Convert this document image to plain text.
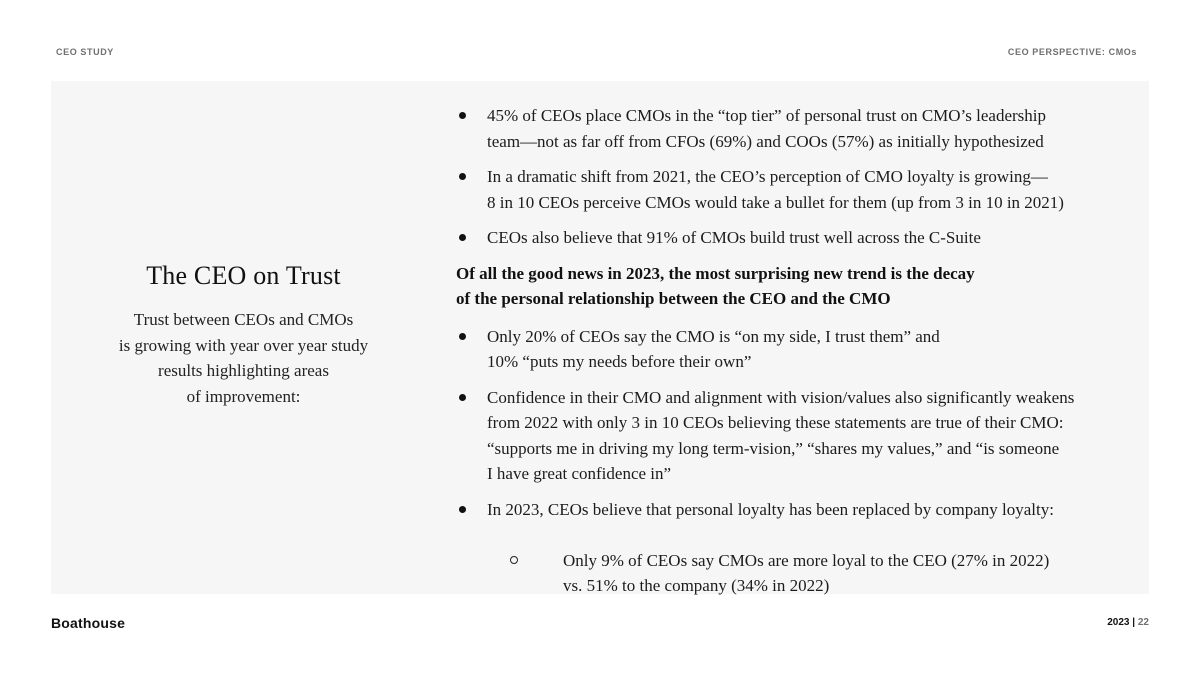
CEO STUDY	CEO PERSPECTIVE: CMOs
The CEO on Trust
Trust between CEOs and CMOs
is growing with year over year study
results highlighting areas
of improvement:
45% of CEOs place CMOs in the “top tier” of personal trust on CMO’s leadership
team—not as far off from CFOs (69%) and COOs (57%) as initially hypothesized
In a dramatic shift from 2021, the CEO’s perception of CMO loyalty is growing—
8 in 10 CEOs perceive CMOs would take a bullet for them (up from 3 in 10 in 2021)
CEOs also believe that 91% of CMOs build trust well across the C-Suite
Of all the good news in 2023, the most surprising new trend is the decay
of the personal relationship between the CEO and the CMO
Only 20% of CEOs say the CMO is “on my side, I trust them” and
10% “puts my needs before their own”
Confidence in their CMO and alignment with vision/values also significantly weakens
from 2022 with only 3 in 10 CEOs believing these statements are true of their CMO:
“supports me in driving my long term-vision,” “shares my values,” and “is someone
I have great confidence in”
In 2023, CEOs believe that personal loyalty has been replaced by company loyalty:

Only 9% of CEOs say CMOs are more loyal to the CEO (27% in 2022)
vs. 51% to the company (34% in 2022)

Boathouse	2023 | 22
